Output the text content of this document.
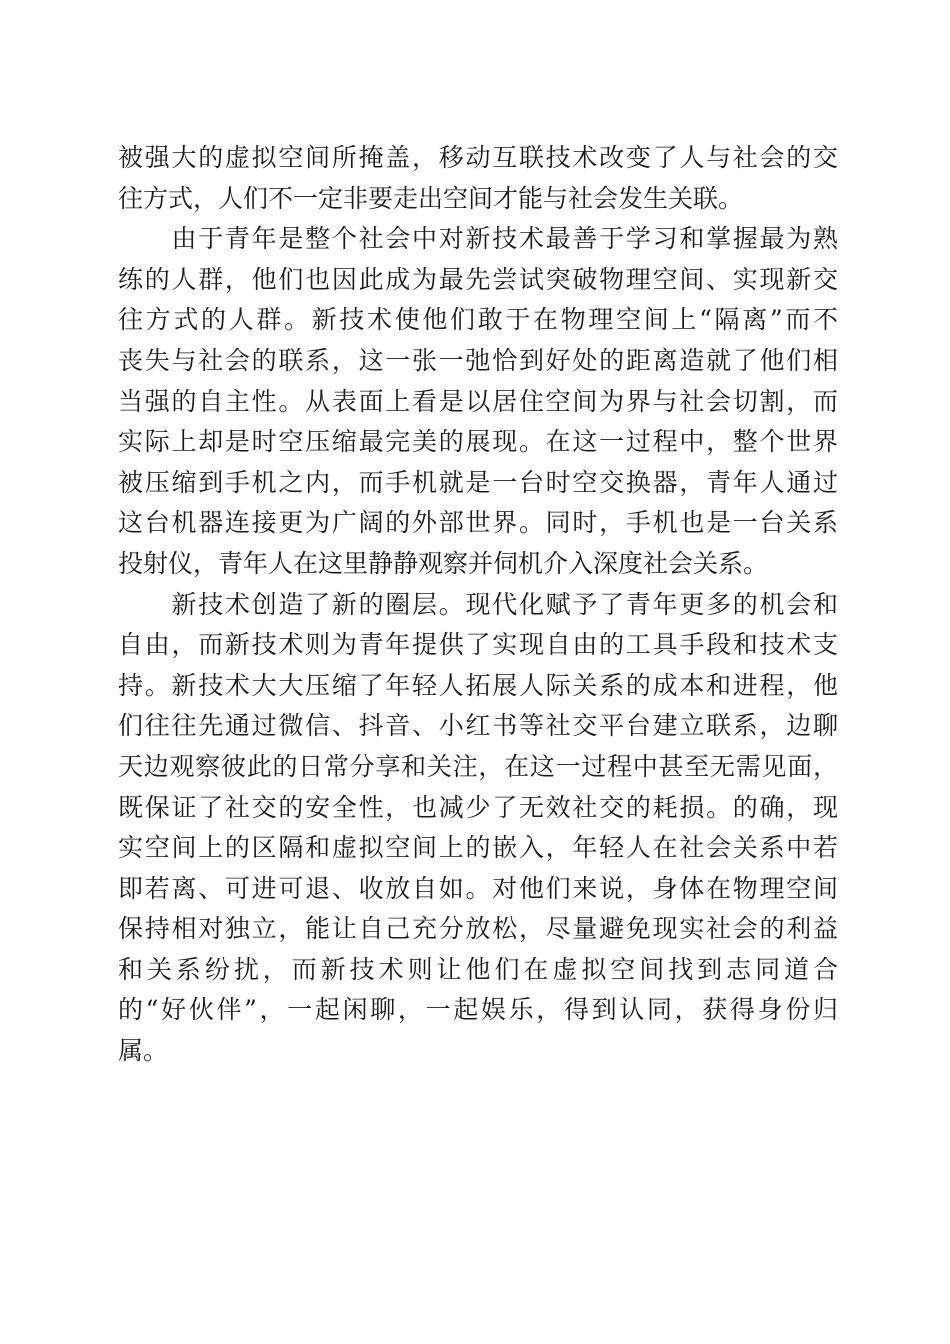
被强大的虚拟空间所掩盖，移动互联技术改变了人与社会的交
往方式，人们不一定非要走出空间才能与社会发生关联。
　　由于青年是整个社会中对新技术最善于学习和掌握最为熟
练的人群，他们也因此成为最先尝试突破物理空间、实现新交
往方式的人群。新技术使他们敢于在物理空间上“隔离”而不
丧失与社会的联系，这一张一弛恰到好处的距离造就了他们相
当强的自主性。从表面上看是以居住空间为界与社会切割，而
实际上却是时空压缩最完美的展现。在这一过程中，整个世界
被压缩到手机之内，而手机就是一台时空交换器，青年人通过
这台机器连接更为广阔的外部世界。同时，手机也是一台关系
投射仪，青年人在这里静静观察并伺机介入深度社会关系。
　　新技术创造了新的圈层。现代化赋予了青年更多的机会和
自由，而新技术则为青年提供了实现自由的工具手段和技术支
持。新技术大大压缩了年轻人拓展人际关系的成本和进程，他
们往往先通过微信、抖音、小红书等社交平台建立联系，边聊
天边观察彼此的日常分享和关注，在这一过程中甚至无需见面，
既保证了社交的安全性，也减少了无效社交的耗损。的确，现
实空间上的区隔和虚拟空间上的嵌入，年轻人在社会关系中若
即若离、可进可退、收放自如。对他们来说，身体在物理空间
保持相对独立，能让自己充分放松，尽量避免现实社会的利益
和关系纷扰，而新技术则让他们在虚拟空间找到志同道合
的“好伙伴”，一起闲聊，一起娱乐，得到认同，获得身份归
属。
